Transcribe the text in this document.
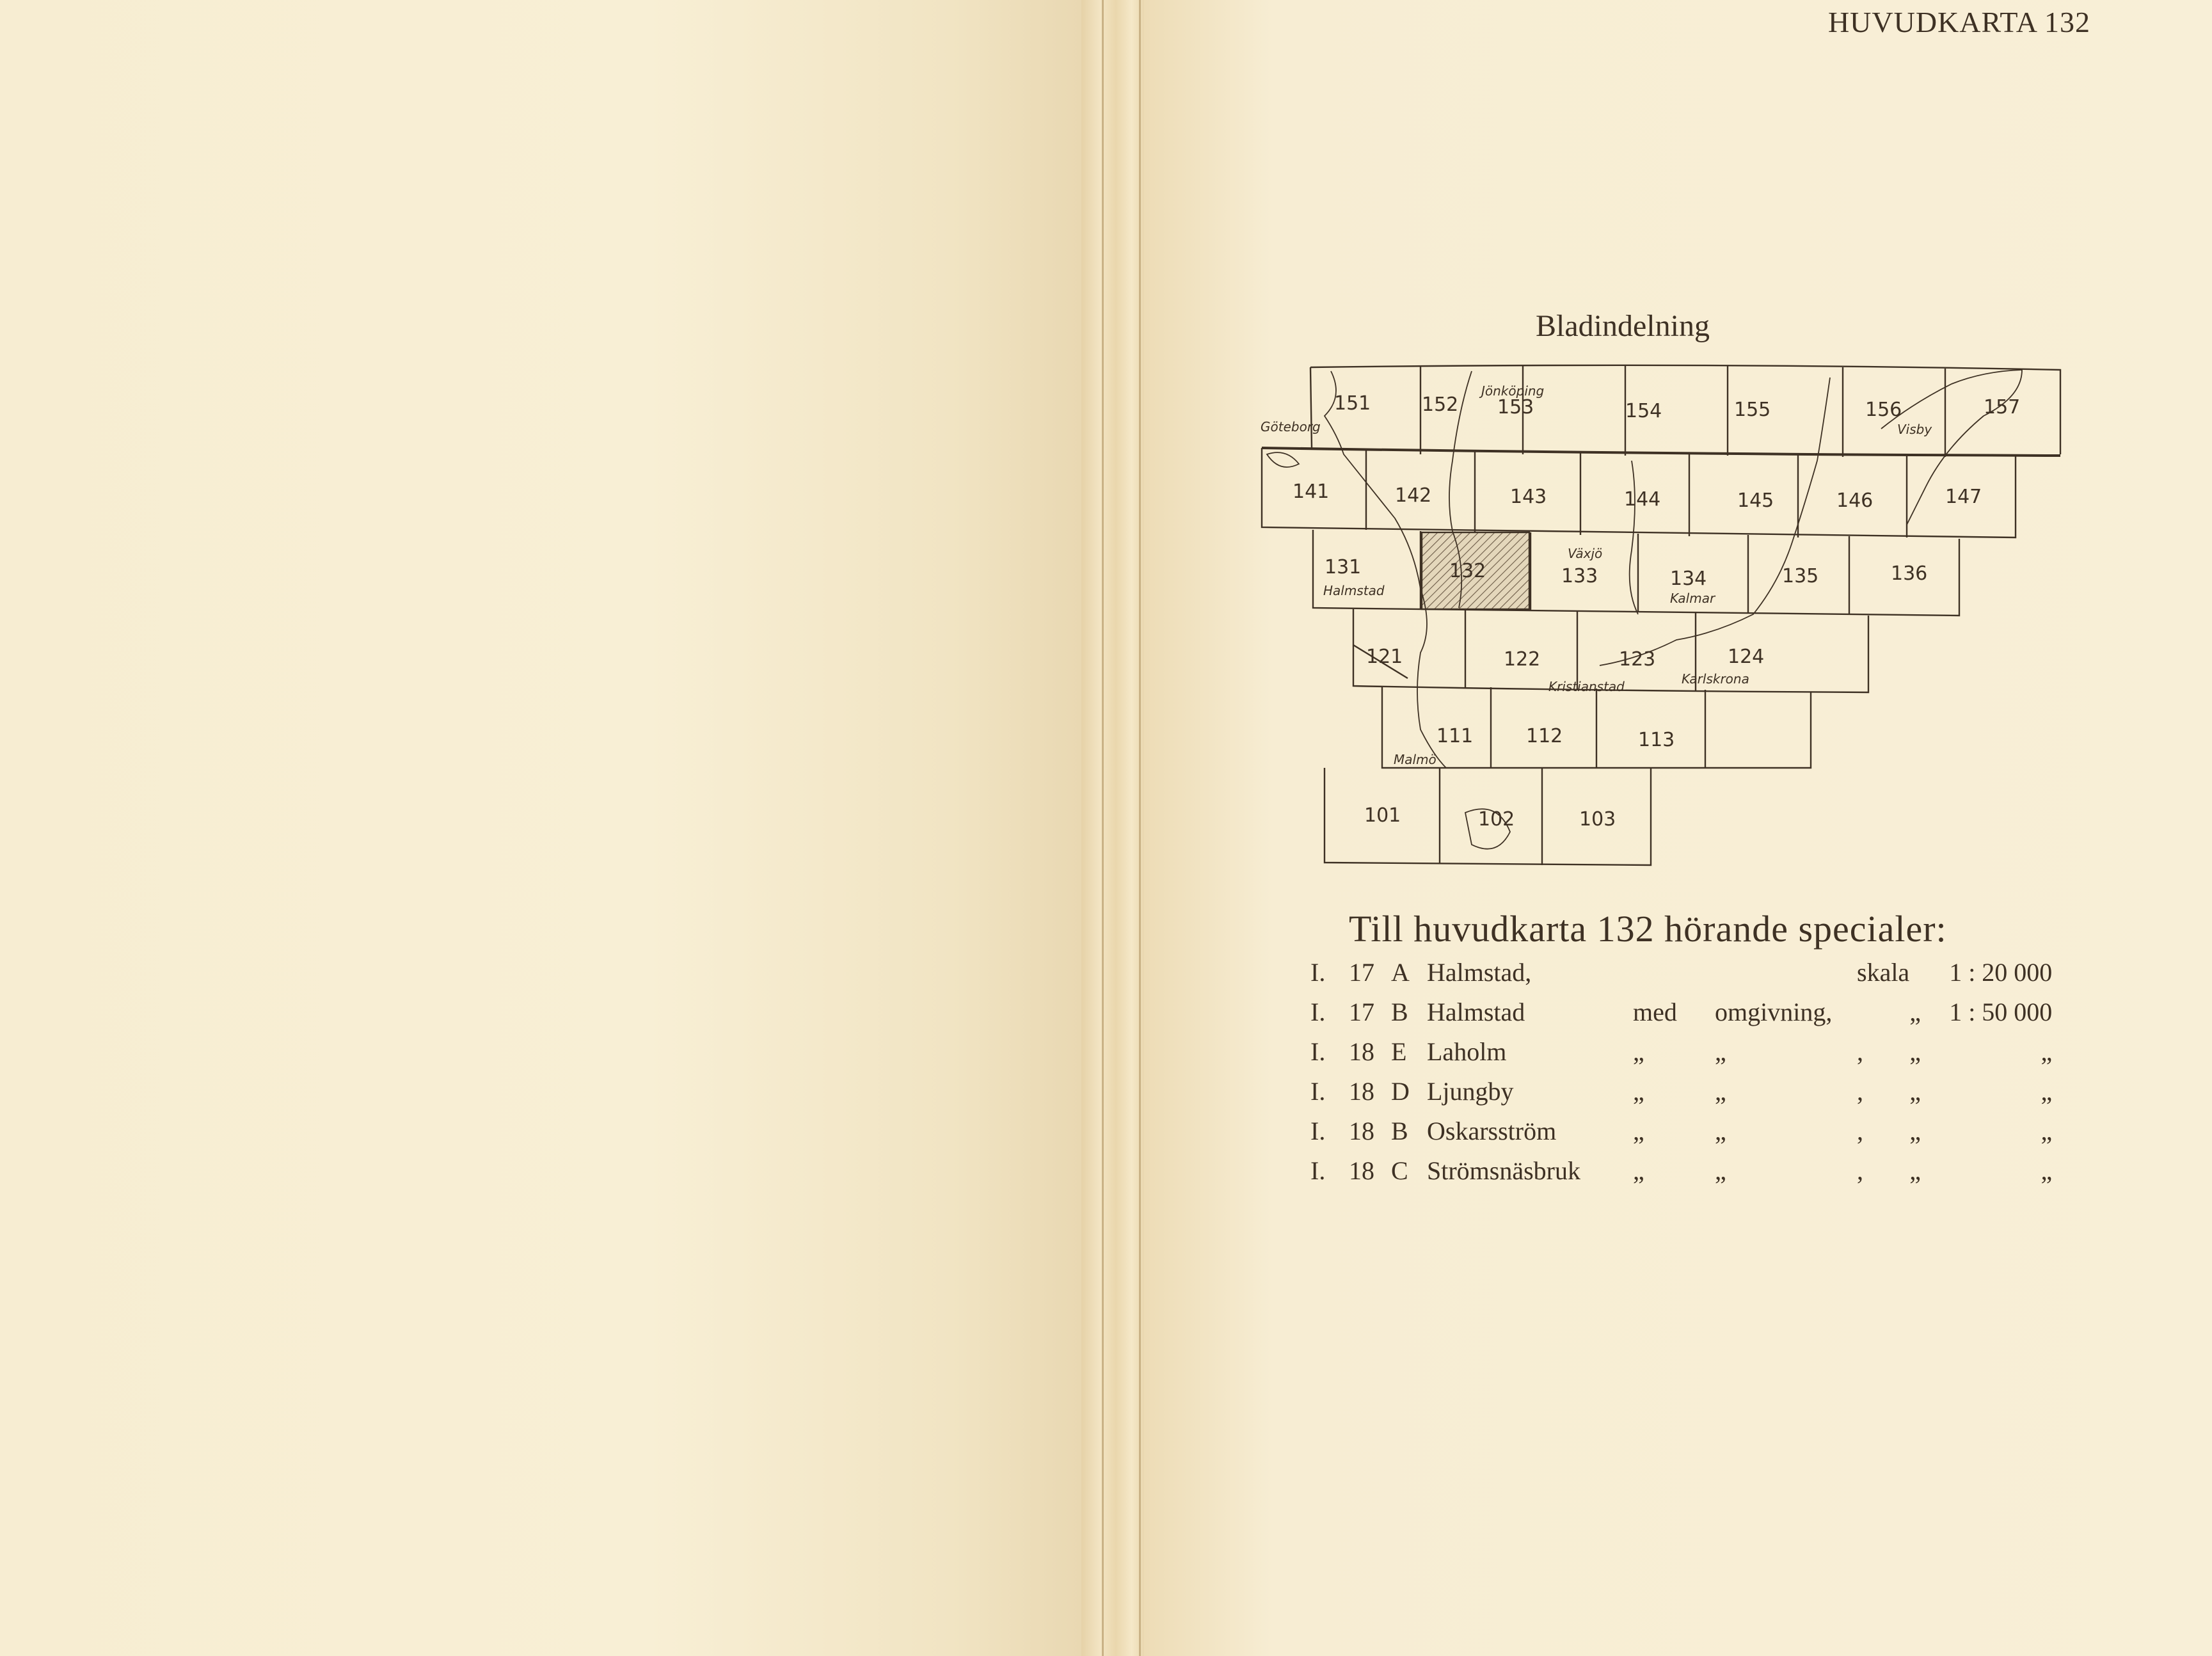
HUVUDKARTA 132
Bladindelning
151	152 153	154	155	156	157
141	142	143	144	145	146	147
131	132	133	134	135	136
121	122	123	124
111	112	113
101	102	103
Göteborg
Jönköping
Visby
Växjö
Halmstad	Kalmar
Kristianstad	Karlskrona
Malmö
Till huvudkarta 132 hörande specialer:
I.	17	A	Halmstad,			skala		1 : 20 000
I.	17	B	Halmstad	med	omgivning,		„	1 : 50 000
I.	18	E	Laholm	„	„	,	„	„
I.	18	D	Ljungby	„	„	,	„	„
I.	18	B	Oskarsström	„	„	,	„	„
I.	18	C	Strömsnäsbruk	„	„	,	„	„
